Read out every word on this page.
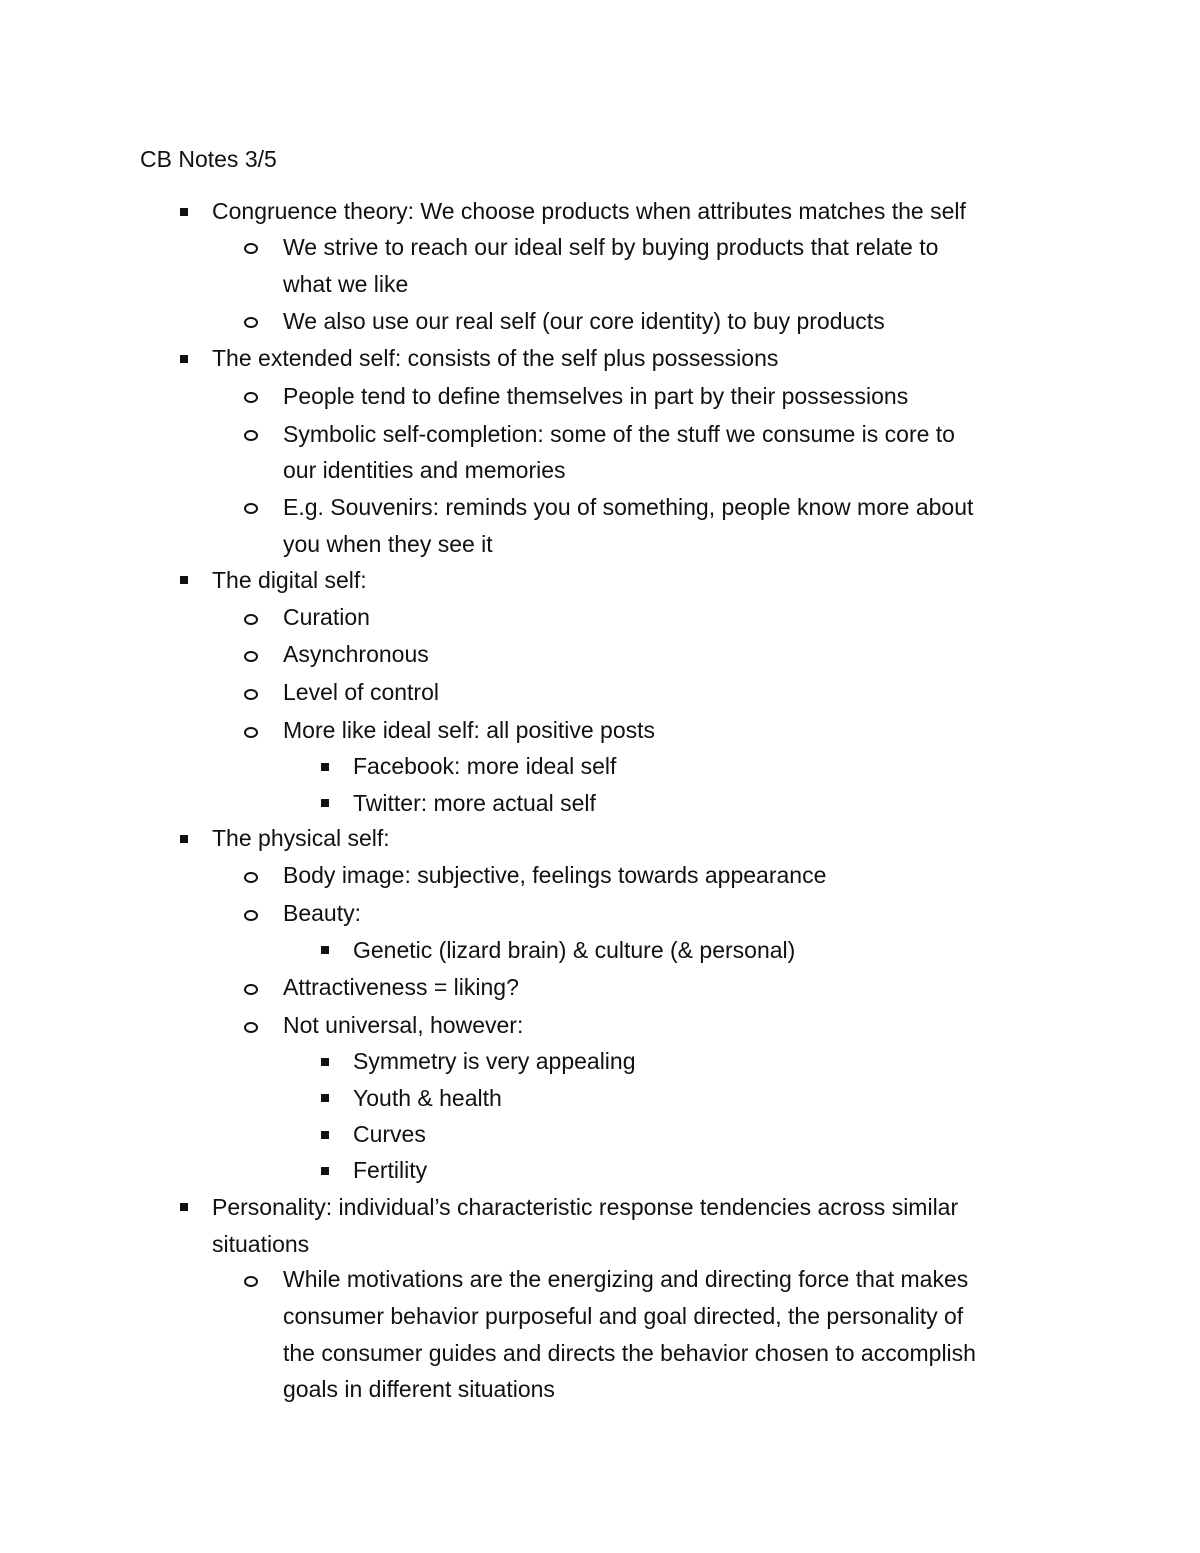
CB Notes 3/5
Congruence theory: We choose products when attributes matches the self
We strive to reach our ideal self by buying products that relate to
what we like
We also use our real self (our core identity) to buy products
The extended self: consists of the self plus possessions
People tend to define themselves in part by their possessions
Symbolic self-completion: some of the stuff we consume is core to
our identities and memories
E.g. Souvenirs: reminds you of something, people know more about
you when they see it
The digital self:
Curation
Asynchronous
Level of control
More like ideal self: all positive posts
Facebook: more ideal self
Twitter: more actual self
The physical self:
Body image: subjective, feelings towards appearance
Beauty:
Genetic (lizard brain) & culture (& personal)
Attractiveness = liking?
Not universal, however:
Symmetry is very appealing
Youth & health
Curves
Fertility
Personality: individual’s characteristic response tendencies across similar
situations
While motivations are the energizing and directing force that makes
consumer behavior purposeful and goal directed, the personality of
the consumer guides and directs the behavior chosen to accomplish
goals in different situations
